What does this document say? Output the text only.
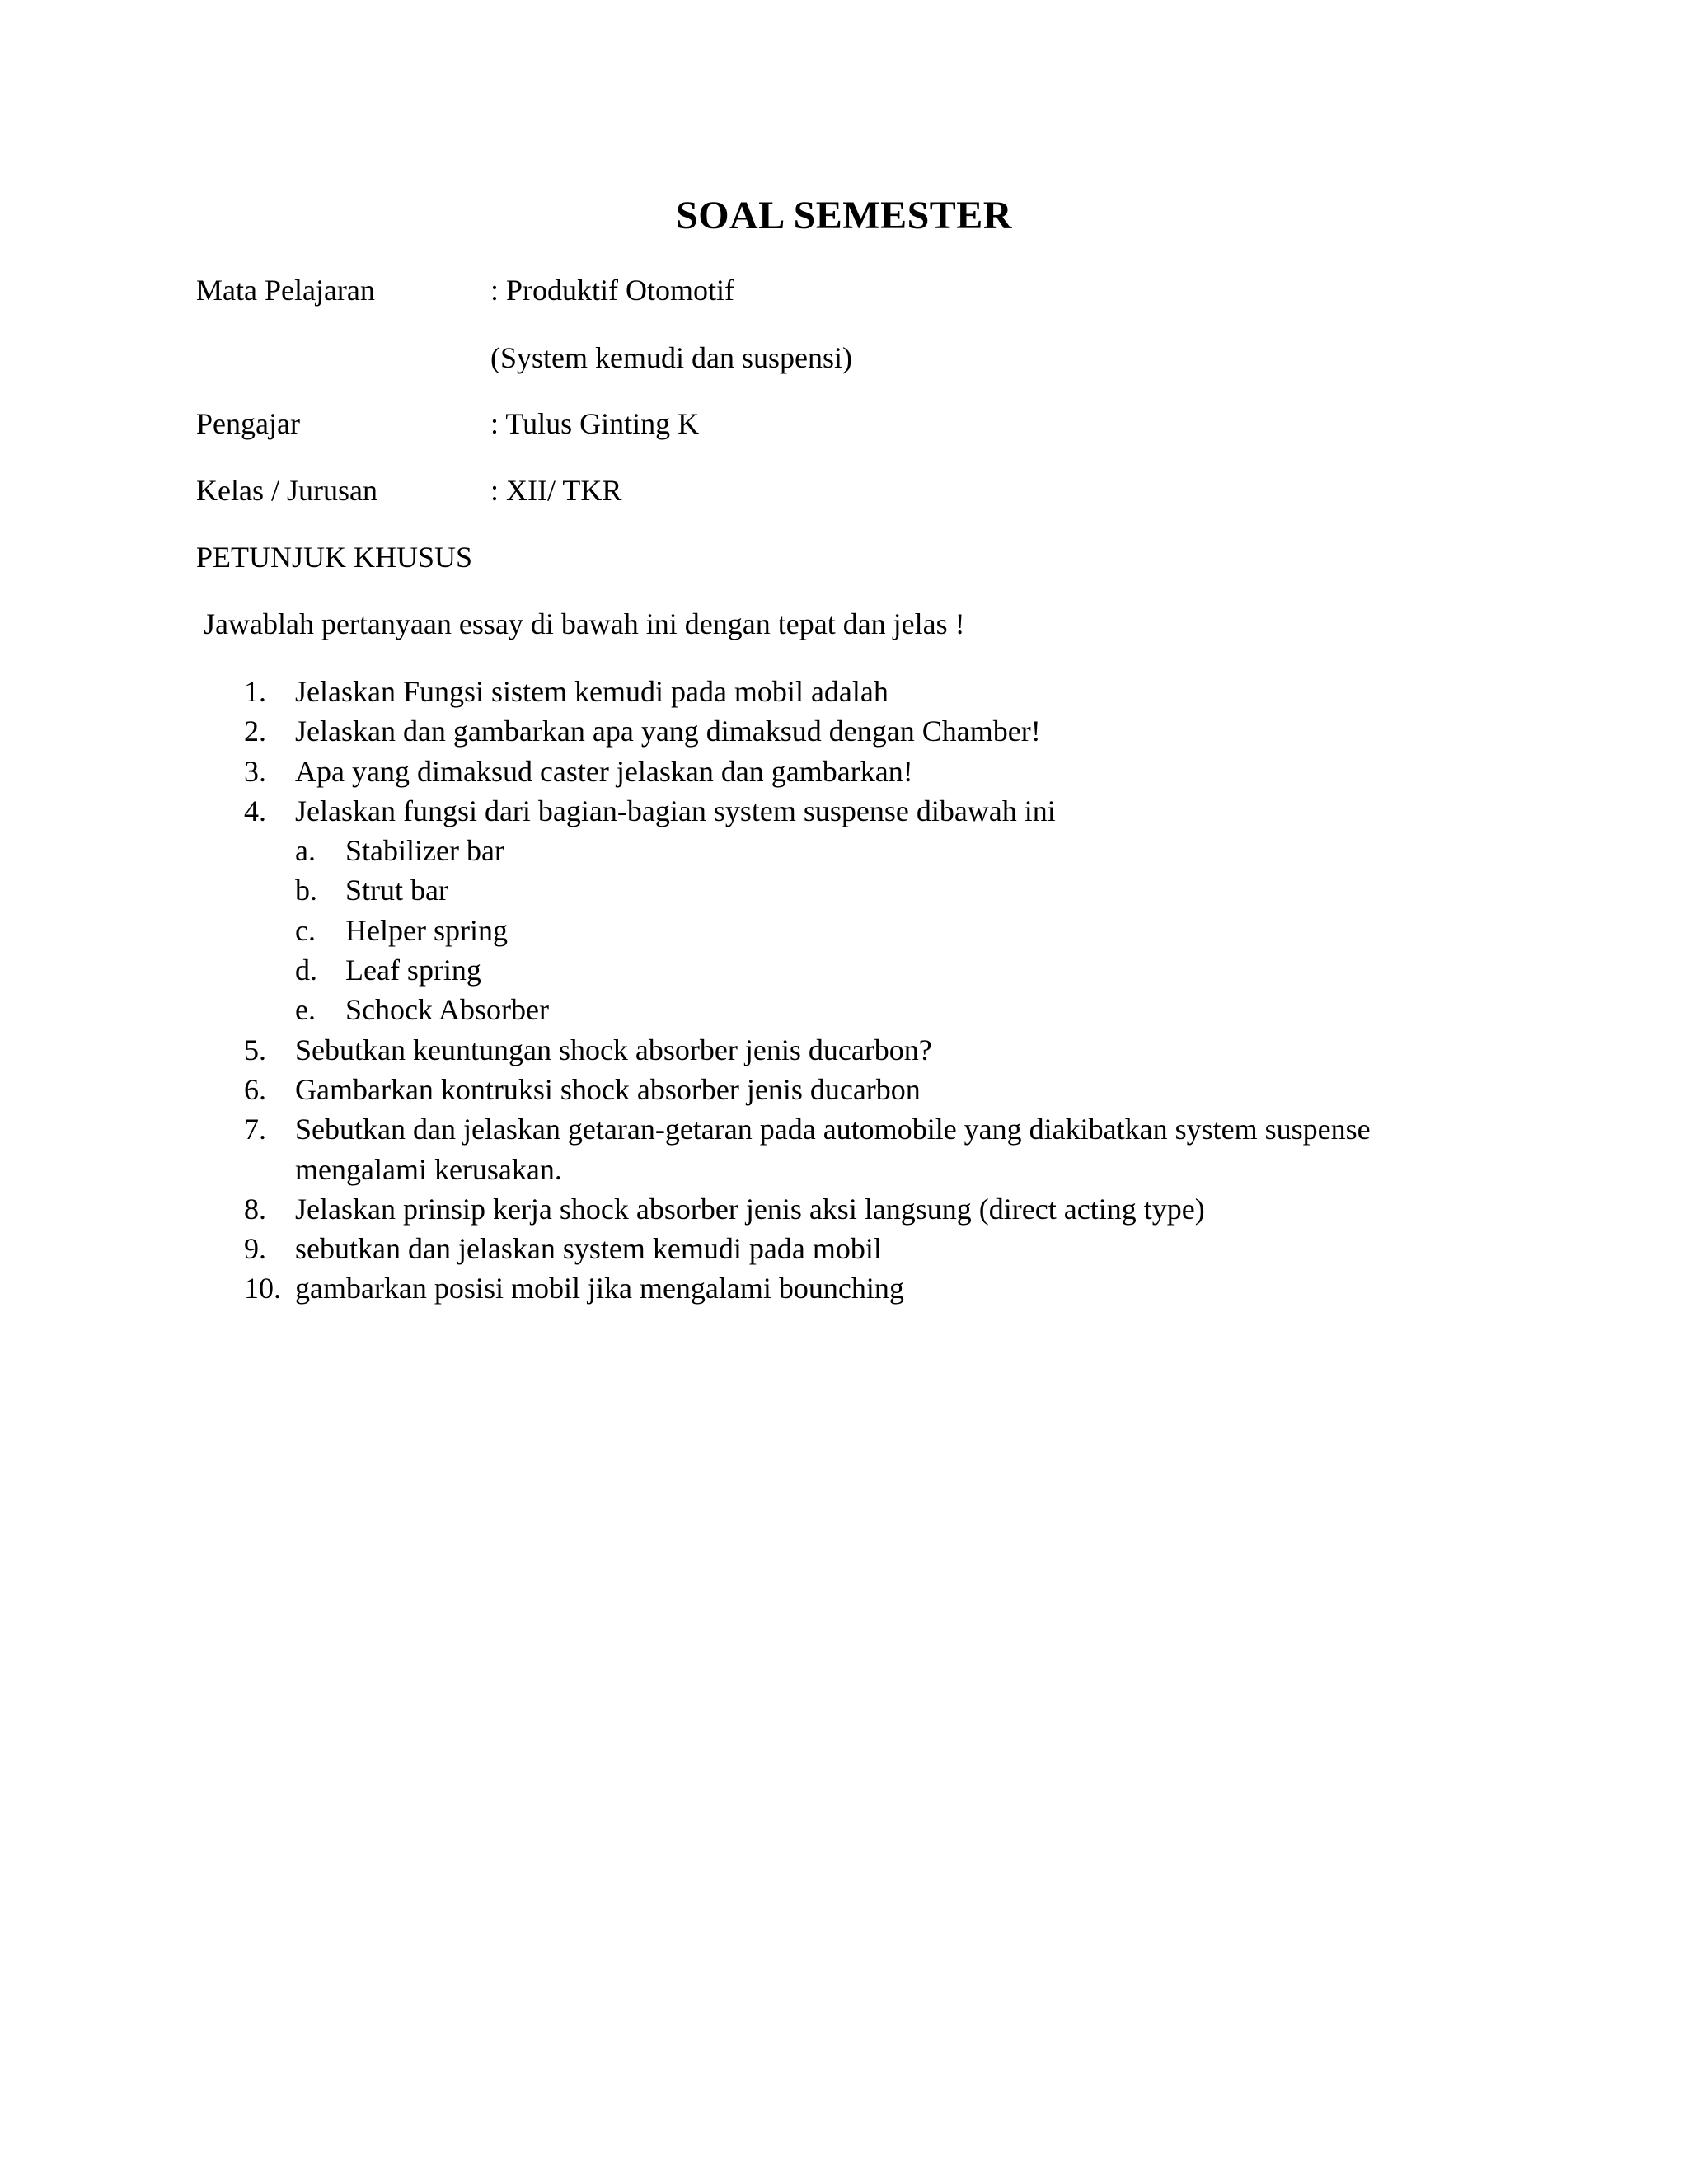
SOAL SEMESTER
Mata Pelajaran	: Produktif Otomotif
(System kemudi dan suspensi)
Pengajar	: Tulus Ginting K
Kelas / Jurusan	: XII/ TKR
PETUNJUK KHUSUS
Jawablah pertanyaan essay di bawah ini dengan tepat dan jelas !
1. Jelaskan Fungsi sistem kemudi pada mobil adalah
2. Jelaskan dan gambarkan apa yang dimaksud dengan Chamber!
3. Apa yang dimaksud caster jelaskan dan gambarkan!
4. Jelaskan fungsi dari bagian-bagian system suspense dibawah ini
a. Stabilizer bar
b. Strut bar
c. Helper spring
d. Leaf spring
e. Schock Absorber
5. Sebutkan keuntungan shock absorber jenis ducarbon?
6. Gambarkan kontruksi shock absorber jenis ducarbon
7. Sebutkan dan jelaskan getaran-getaran pada automobile yang diakibatkan system suspense mengalami kerusakan.
8. Jelaskan prinsip kerja shock absorber jenis aksi langsung (direct acting type)
9. sebutkan dan jelaskan system kemudi pada mobil
10. gambarkan posisi mobil jika mengalami bounching
